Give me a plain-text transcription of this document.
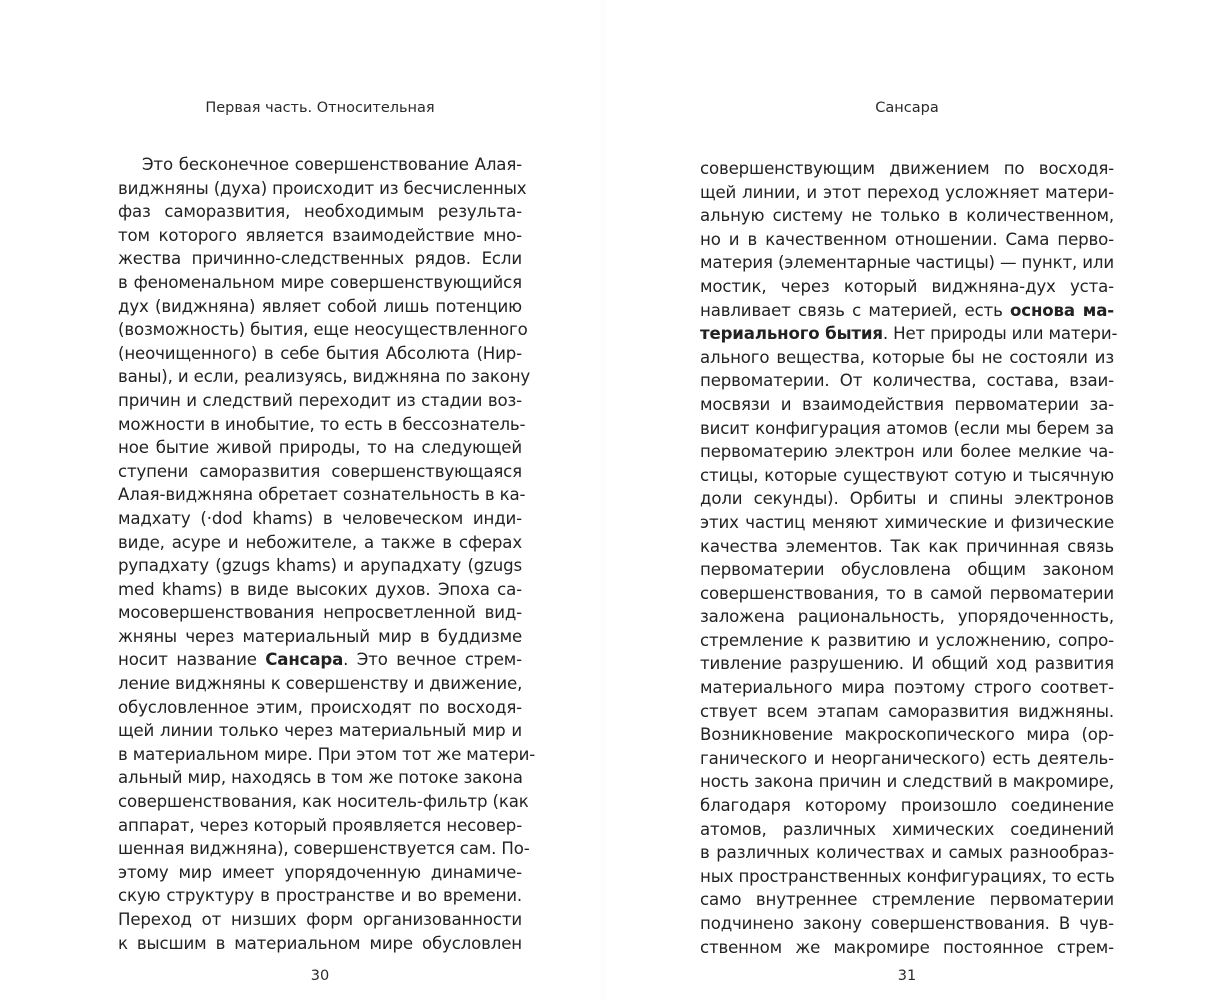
Первая часть. Относительная
Это бесконечное совершенствование Алая-
виджняны (духа) происходит из бесчисленных
фаз саморазвития, необходимым результа-
том которого является взаимодействие мно-
жества причинно-следственных рядов. Если
в феноменальном мире совершенствующийся
дух (виджняна) являет собой лишь потенцию
(возможность) бытия, еще неосуществленного
(неочищенного) в себе бытия Абсолюта (Нир-
ваны), и если, реализуясь, виджняна по закону
причин и следствий переходит из стадии воз-
можности в инобытие, то есть в бессознатель-
ное бытие живой природы, то на следующей
ступени саморазвития совершенствующаяся
Алая-виджняна обретает сознательность в ка-
мадхату (·dod khams) в человеческом инди-
виде, асуре и небожителе, а также в сферах
рупадхату (gzugs khams) и арупадхату (gzugs
med khams) в виде высоких духов. Эпоха са-
мосовершенствования непросветленной вид-
жняны через материальный мир в буддизме
носит название Сансара. Это вечное стрем-
ление виджняны к совершенству и движение,
обусловленное этим, происходят по восходя-
щей линии только через материальный мир и
в материальном мире. При этом тот же матери-
альный мир, находясь в том же потоке закона
совершенствования, как носитель-фильтр (как
аппарат, через который проявляется несовер-
шенная виджняна), совершенствуется сам. По-
этому мир имеет упорядоченную динамиче-
скую структуру в пространстве и во времени.
Переход от низших форм организованности
к высшим в материальном мире обусловлен
30
Сансара
совершенствующим движением по восходя-
щей линии, и этот переход усложняет матери-
альную систему не только в количественном,
но и в качественном отношении. Сама перво-
материя (элементарные частицы) — пункт, или
мостик, через который виджняна-дух уста-
навливает связь с материей, есть основа ма-
териального бытия. Нет природы или матери-
ального вещества, которые бы не состояли из
первоматерии. От количества, состава, взаи-
мосвязи и взаимодействия первоматерии за-
висит конфигурация атомов (если мы берем за
первоматерию электрон или более мелкие ча-
стицы, которые существуют сотую и тысячную
доли секунды). Орбиты и спины электронов
этих частиц меняют химические и физические
качества элементов. Так как причинная связь
первоматерии обусловлена общим законом
совершенствования, то в самой первоматерии
заложена рациональность, упорядоченность,
стремление к развитию и усложнению, сопро-
тивление разрушению. И общий ход развития
материального мира поэтому строго соответ-
ствует всем этапам саморазвития виджняны.
Возникновение макроскопического мира (ор-
ганического и неорганического) есть деятель-
ность закона причин и следствий в макромире,
благодаря которому произошло соединение
атомов, различных химических соединений
в различных количествах и самых разнообраз-
ных пространственных конфигурациях, то есть
само внутреннее стремление первоматерии
подчинено закону совершенствования. В чув-
ственном же макромире постоянное стрем-
31
